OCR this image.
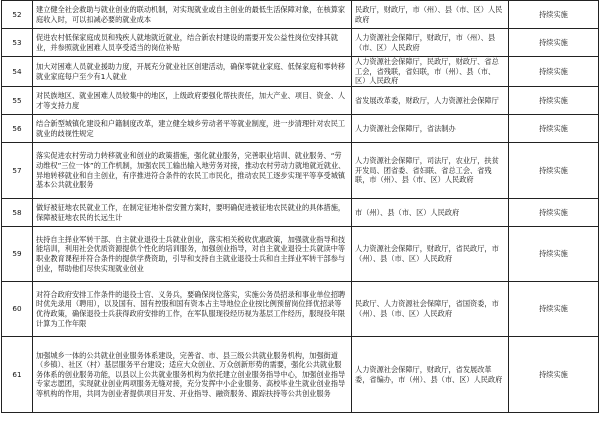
52	建立健全社会救助与就业创业的联动机制，对实现就业或自主创业的最低生活保障对象，在核算家庭收入时，可以扣减必要的就业成本	民政厅，财政厅，市（州）、县（市、区）人民政府	持续实施
53	促进农村低保家庭成员和残疾人就地就近就业，结合新农村建设的需要开发公益性岗位安排其就业，并参照就业困难人员享受适当的岗位补贴	人力资源社会保障厅，财政厅，市（州）、县（市、区）人民政府	持续实施
54	加大对困难人员就业援助力度，开展充分就业社区创建活动，确保零就业家庭、低保家庭和零转移就业家庭每户至少有1人就业	人力资源社会保障厅，民政厅，财政厅、省总工会，省残联，省妇联，市（州）、县（市、区）人民政府	持续实施
55	对民族地区、就业困难人员较集中的地区，上级政府要强化帮扶责任，加大产业、项目、资金、人才等支持力度	省发展改革委，财政厅，人力资源社会保障厅	持续实施
56	结合新型城镇化建设和户籍制度改革，建立健全城乡劳动者平等就业制度，进一步清理针对农民工就业的歧视性规定	人力资源社会保障厅，省法制办	持续实施
57	落实促进农村劳动力转移就业和创业的政策措施，强化就业服务，完善职业培训、就业服务、“劳动维权”三位一体”的工作机制，加强农民工输出输入地劳务对接，推动农村劳动力就地就近就业、异地转移就业和自主创业，有序推进符合条件的农民工市民化，推动农民工逐步实现平等享受城镇基本公共就业服务	人力资源社会保障厅，司法厅，农业厅，扶贫开发局、团省委、省妇联、省总工会、省残联，市（州）、县（市、区）人民政府	持续实施
58	做好被征地农民就业工作，在制定征地补偿安置方案时，要明确促进被征地农民就业的具体措施，保障被征地农民的长远生计	市（州）、县（市、区）人民政府	持续实施
59	扶持自主择业军转干部、自主就业退役士兵就业创业，落实相关税收优惠政策，加强就业指导和技能培训，利用社会优质资源提供个性化的培训服务，加强创业指导，对自主就业退役士兵就读中等职业教育课程并符合条件的提供学费资助，引导和支持自主就业退役士兵和自主择业军转干部参与创业，帮助他们尽快实现就业创业	人力资源社会保障厅，财政厅，省民政厅，市（州）、县（市、区）人民政府	持续实施
60	对符合政府安排工作条件的退役士官、义务兵，要确保岗位落实，实施公务员招录和事业单位招聘时优先录用（聘用），以及国有、国有控股和国有资本占主导地位企业按比例预留岗位择优招录等优待政策，确保退役士兵获得政府安排的工作，在军队服现役经历视为基层工作经历，服现役年限计算为工作年限	民政厅、人力资源社会保障厅，省国资委，市（州）、县（市、区）人民政府	持续实施
61	加强城乡一体的公共就业创业服务体系建设，完善省、市、县三级公共就业服务机构，加强街道（乡镇）、社区（村）基层服务平台建设；适应大众创业、万众创新形势的需要，强化公共就业服务体系的创业服务功能，以县以上公共就业服务机构为依托建立创业服务指导中心，加强创业指导专家志愿团，实现就业创业两项服务无缝对接，充分发挥中小企业服务、高校毕业生就业创业指导等机构的作用，共同为创业者提供项目开发、开业指导、融资服务、跟踪扶持等公共创业服务	人力资源社会保障厅，财政厅，省发展改革委，省编办，市（州）、县（市、区）人民政府	持续实施
